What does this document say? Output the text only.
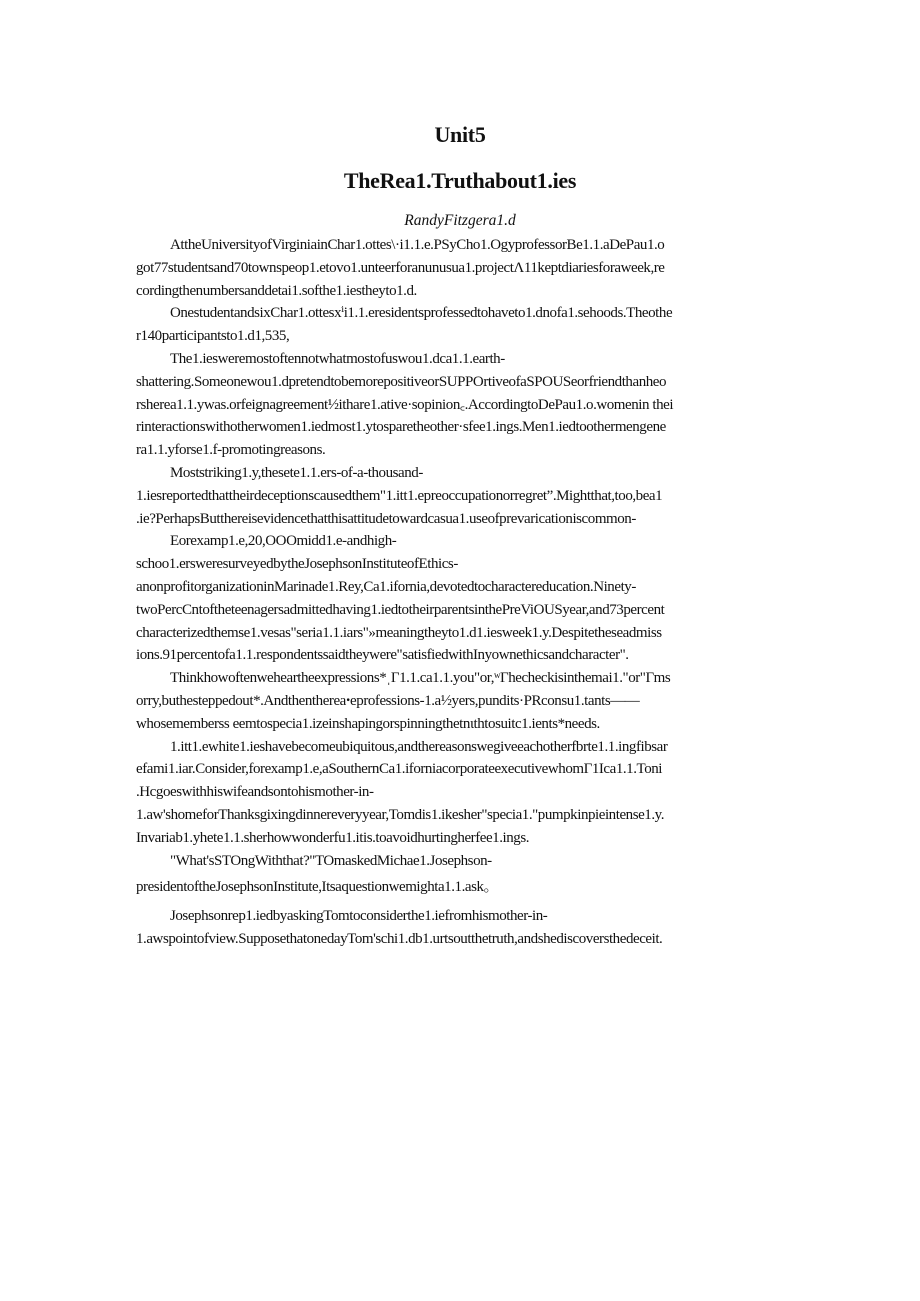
Unit5
TheRea1.Truthabout1.ies
RandyFitzgera1.d
AttheUniversityofVirginiainChar1.ottes\·i1.1.e.PSyCho1.OgyprofessorBe1.1.aDePau1.o
got77studentsand70townspeop1.etovo1.unteerforanunusua1.projectΛ11keptdiariesforaweek,re
cordingthenumbersanddetai1.softhe1.iestheyto1.d.
OnestudentandsixChar1.ottesxⁱi1.1.eresidentsprofessedtohaveto1.dnofa1.sehoods.Theothe
r140participantsto1.d1,535,
The1.iesweremostoftennotwhatmostofuswou1.dca1.1.earth-
shattering.Someonewou1.dpretendtobemorepositiveorSUPPOrtiveofaSPOUSeorfriendthanheo
rsherea1.1.ywas.orfeignagreement½ithare1.ative·sopinion꜀.AccordingtoDePau1.o.womenin thei
rinteractionswithotherwomen1.iedmost1.ytosparetheother·sfee1.ings.Men1.iedtoothermengene
ra1.1.yforse1.f-promotingreasons.
Moststriking1.y,thesete1.1.ers-of-a-thousand-
1.iesreportedthattheirdeceptionscausedthem"1.itt1.epreoccupationorregret”.Mightthat,too,bea1
.ie?PerhapsButthereisevidencethatthisattitudetowardcasua1.useofprevaricationiscommon-
Eorexamp1.e,20,OOOmidd1.e-andhigh-
schoo1.ersweresurveyedbytheJosephsonInstituteofEthics-
anonprofitorganizationinMarinade1.Rey,Ca1.ifornia,devotedtocharactereducation.Ninety-
twoPercCntoftheteenagersadmittedhaving1.iedtotheirparentsinthePreViOUSyear,and73percent
characterizedthemse1.vesas"seria1.1.iars"»meaningtheyto1.d1.iesweek1.y.Despitetheseadmiss
ions.91percentofa1.1.respondentssaidtheywere"satisfiedwithInyownethicsandcharacter".
Thinkhowoftenweheartheexpressions*ˌΓ1.1.ca1.1.you"or,ʷΓhecheckisinthemai1."or"Γms
orry,buthesteppedout*.Andthenthereaꞏeprofessions-1.a½yers,pundits·PRconsu1.tants——
whosememberss eemtospecia1.izeinshapingorspinningthetnιthtosuitc1.ients*needs.
1.itt1.ewhite1.ieshavebecomeubiquitous,andthereasonswegiveeachotherfbrte1.1.ingfibsar
efami1.iar.Consider,forexamp1.e,aSouthernCa1.iforniacorporateexecutivewhomΓ1Ica1.1.Toni
.Hcgoeswithhiswifeandsontohismother-in-
1.aw'shomeforThanksgixingdinnereveryyear,Tomdis1.ikesher"specia1."pumpkinpieintense1.y.
Invariab1.yhete1.1.sherhowwonderfu1.itis.toavoidhurtingherfee1.ings.
"What'sSTOngWiththat?"TOmaskedMichae1.Josephson-
presidentoftheJosephsonInstitute,Itsaquestionwemighta1.1.ask。
Josephsonrep1.iedbyaskingTomtoconsiderthe1.iefromhismother-in-
1.awspointofview.SupposethatonedayTom'schi1.db1.urtsoutthetruth,andshediscoversthedeceit.
